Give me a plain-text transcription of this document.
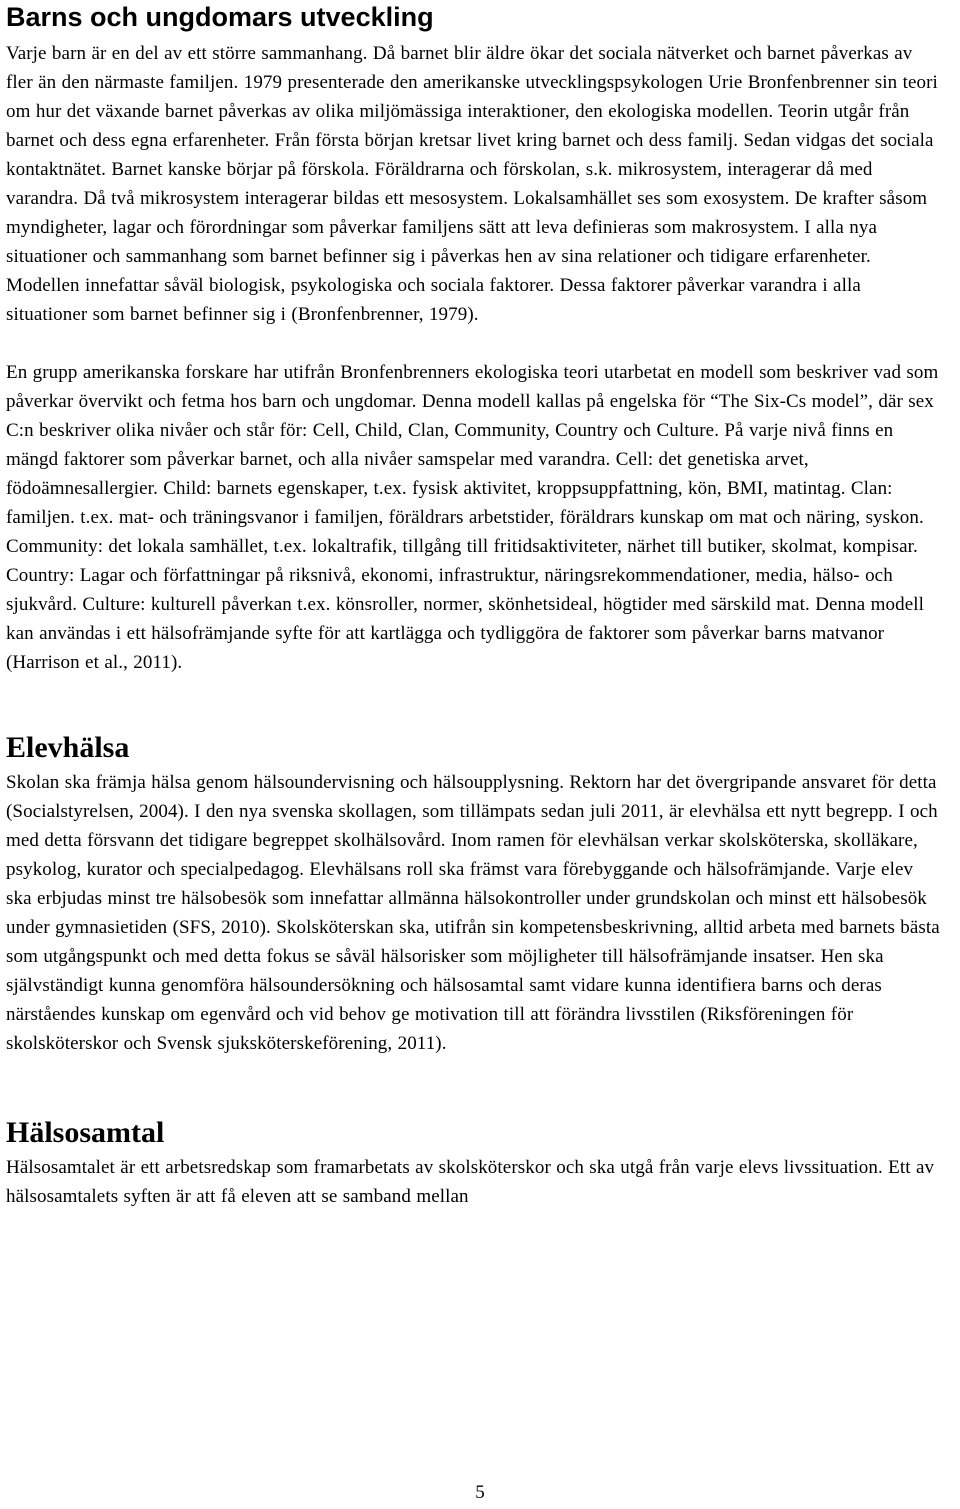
Barns och ungdomars utveckling

Varje barn är en del av ett större sammanhang. Då barnet blir äldre ökar det sociala nätverket och barnet påverkas av fler än den närmaste familjen. 1979 presenterade den amerikanske utvecklingspsykologen Urie Bronfenbrenner sin teori om hur det växande barnet påverkas av olika miljömässiga interaktioner, den ekologiska modellen. Teorin utgår från barnet och dess egna erfarenheter. Från första början kretsar livet kring barnet och dess familj. Sedan vidgas det sociala kontaktnätet. Barnet kanske börjar på förskola. Föräldrarna och förskolan, s.k. mikrosystem, interagerar då med varandra. Då två mikrosystem interagerar bildas ett mesosystem. Lokalsamhället ses som exosystem. De krafter såsom myndigheter, lagar och förordningar som påverkar familjens sätt att leva definieras som makrosystem. I alla nya situationer och sammanhang som barnet befinner sig i påverkas hen av sina relationer och tidigare erfarenheter. Modellen innefattar såväl biologisk, psykologiska och sociala faktorer. Dessa faktorer påverkar varandra i alla situationer som barnet befinner sig i (Bronfenbrenner, 1979).

En grupp amerikanska forskare har utifrån Bronfenbrenners ekologiska teori utarbetat en modell som beskriver vad som påverkar övervikt och fetma hos barn och ungdomar. Denna modell kallas på engelska för “The Six-Cs model”, där sex C:n beskriver olika nivåer och står för: Cell, Child, Clan, Community, Country och Culture. På varje nivå finns en mängd faktorer som påverkar barnet, och alla nivåer samspelar med varandra. Cell: det genetiska arvet, födoämnesallergier. Child: barnets egenskaper, t.ex. fysisk aktivitet, kroppsuppfattning, kön, BMI, matintag. Clan: familjen. t.ex. mat- och träningsvanor i familjen, föräldrars arbetstider, föräldrars kunskap om mat och näring, syskon. Community: det lokala samhället, t.ex. lokaltrafik, tillgång till fritidsaktiviteter, närhet till butiker, skolmat, kompisar. Country: Lagar och författningar på riksnivå, ekonomi, infrastruktur, näringsrekommendationer, media, hälso- och sjukvård. Culture: kulturell påverkan t.ex. könsroller, normer, skönhetsideal, högtider med särskild mat. Denna modell kan användas i ett hälsofrämjande syfte för att kartlägga och tydliggöra de faktorer som påverkar barns matvanor (Harrison et al., 2011).

Elevhälsa

Skolan ska främja hälsa genom hälsoundervisning och hälsoupplysning. Rektorn har det övergripande ansvaret för detta (Socialstyrelsen, 2004). I den nya svenska skollagen, som tillämpats sedan juli 2011, är elevhälsa ett nytt begrepp. I och med detta försvann det tidigare begreppet skolhälsovård. Inom ramen för elevhälsan verkar skolsköterska, skolläkare, psykolog, kurator och specialpedagog. Elevhälsans roll ska främst vara förebyggande och hälsofrämjande. Varje elev ska erbjudas minst tre hälsobesök som innefattar allmänna hälsokontroller under grundskolan och minst ett hälsobesök under gymnasietiden (SFS, 2010). Skolsköterskan ska, utifrån sin kompetensbeskrivning, alltid arbeta med barnets bästa som utgångspunkt och med detta fokus se såväl hälsorisker som möjligheter till hälsofrämjande insatser. Hen ska självständigt kunna genomföra hälsoundersökning och hälsosamtal samt vidare kunna identifiera barns och deras närståendes kunskap om egenvård och vid behov ge motivation till att förändra livsstilen (Riksföreningen för skolsköterskor och Svensk sjuksköterskeförening, 2011).

Hälsosamtal

Hälsosamtalet är ett arbetsredskap som framarbetats av skolsköterskor och ska utgå från varje elevs livssituation. Ett av hälsosamtalets syften är att få eleven att se samband mellan

5
